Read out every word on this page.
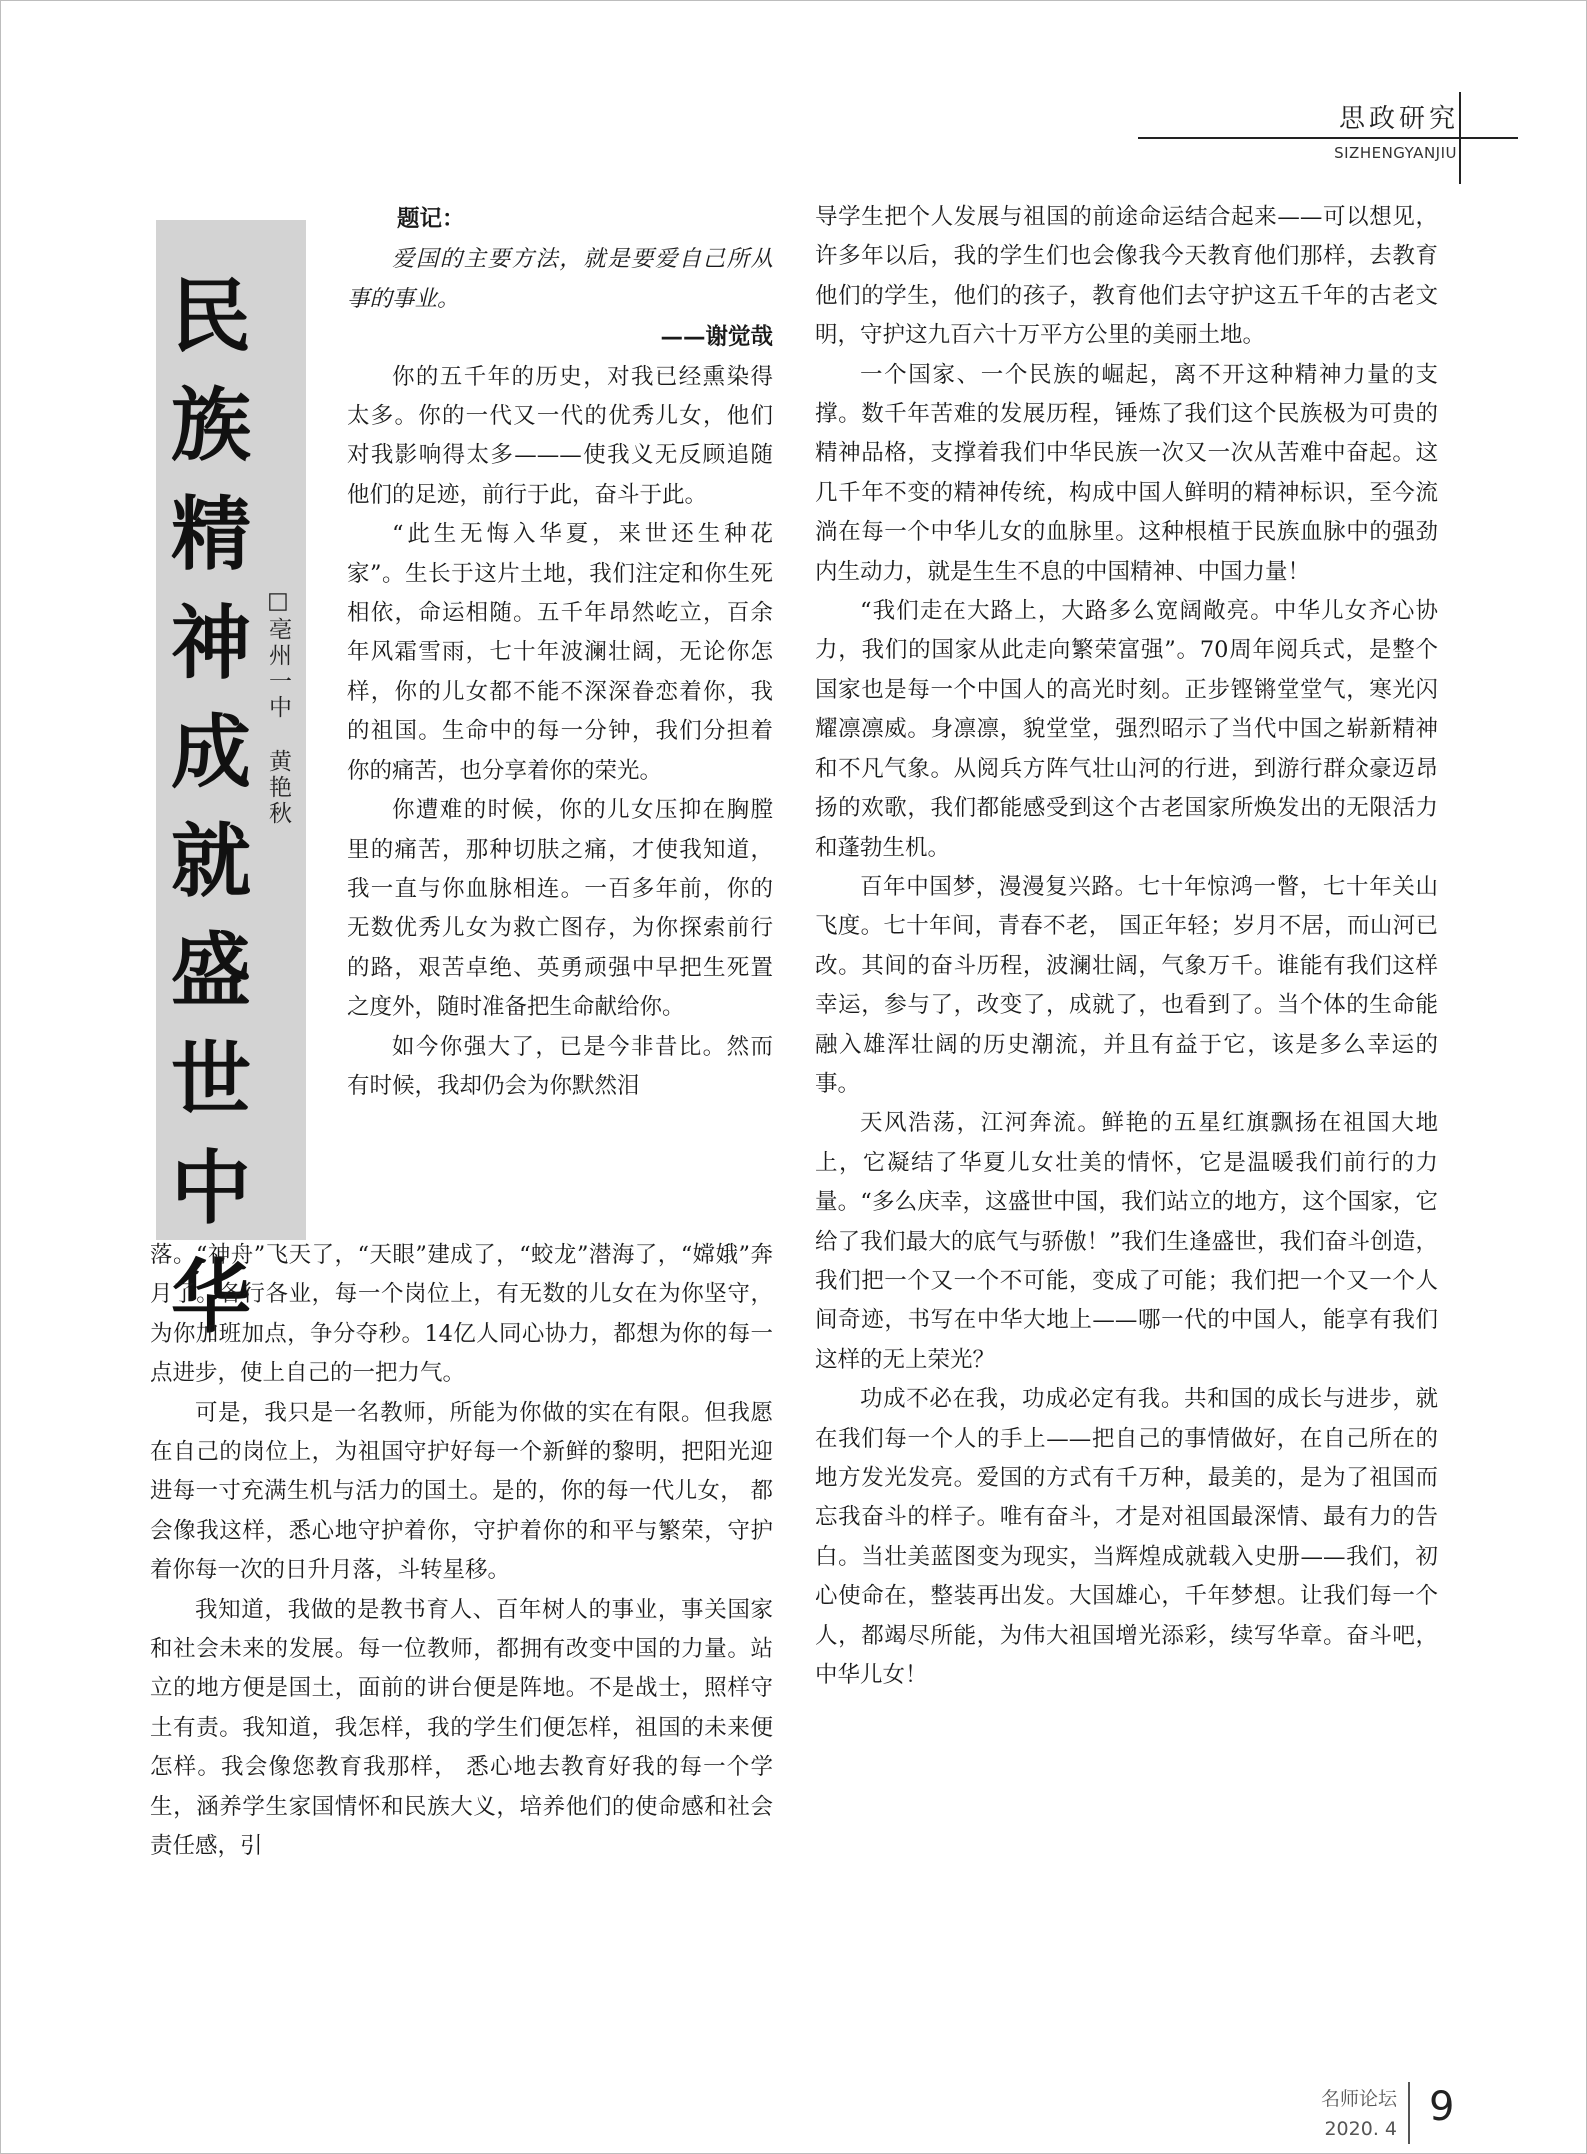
思政研究
SIZHENGYANJIU
民
族
精
神
成
就
盛
世
中
华
□亳州一中 黄艳秋

题记：

爱国的主要方法，就是要爱自己所从事的事业。

——谢觉哉

你的五千年的历史，对我已经熏染得太多。你的一代又一代的优秀儿女，他们对我影响得太多———使我义无反顾追随他们的足迹，前行于此，奋斗于此。

“此生无悔入华夏，来世还生种花家”。生长于这片土地，我们注定和你生死相依，命运相随。五千年昂然屹立，百余年风霜雪雨，七十年波澜壮阔，无论你怎样，你的儿女都不能不深深眷恋着你，我的祖国。生命中的每一分钟，我们分担着你的痛苦，也分享着你的荣光。

你遭难的时候，你的儿女压抑在胸膛里的痛苦，那种切肤之痛，才使我知道，我一直与你血脉相连。一百多年前，你的无数优秀儿女为救亡图存，为你探索前行的路，艰苦卓绝、英勇顽强中早把生死置之度外，随时准备把生命献给你。

如今你强大了，已是今非昔比。然而有时候，我却仍会为你默然泪

落。“神舟”飞天了，“天眼”建成了，“蛟龙”潜海了，“嫦娥”奔月了。各行各业，每一个岗位上，有无数的儿女在为你坚守，为你加班加点，争分夺秒。14亿人同心协力，都想为你的每一点进步，使上自己的一把力气。

可是，我只是一名教师，所能为你做的实在有限。但我愿在自己的岗位上，为祖国守护好每一个新鲜的黎明，把阳光迎进每一寸充满生机与活力的国土。是的，你的每一代儿女， 都会像我这样，悉心地守护着你，守护着你的和平与繁荣，守护着你每一次的日升月落，斗转星移。

我知道，我做的是教书育人、百年树人的事业，事关国家和社会未来的发展。每一位教师，都拥有改变中国的力量。站立的地方便是国土，面前的讲台便是阵地。不是战士，照样守土有责。我知道，我怎样，我的学生们便怎样，祖国的未来便怎样。我会像您教育我那样， 悉心地去教育好我的每一个学生，涵养学生家国情怀和民族大义，培养他们的使命感和社会责任感，引

导学生把个人发展与祖国的前途命运结合起来——可以想见，许多年以后，我的学生们也会像我今天教育他们那样，去教育他们的学生，他们的孩子，教育他们去守护这五千年的古老文明，守护这九百六十万平方公里的美丽土地。

一个国家、一个民族的崛起，离不开这种精神力量的支撑。数千年苦难的发展历程，锤炼了我们这个民族极为可贵的精神品格，支撑着我们中华民族一次又一次从苦难中奋起。这几千年不变的精神传统，构成中国人鲜明的精神标识，至今流淌在每一个中华儿女的血脉里。这种根植于民族血脉中的强劲内生动力，就是生生不息的中国精神、中国力量！

“我们走在大路上，大路多么宽阔敞亮。中华儿女齐心协力，我们的国家从此走向繁荣富强”。70周年阅兵式，是整个国家也是每一个中国人的高光时刻。正步铿锵堂堂气，寒光闪耀凛凛威。身凛凛，貌堂堂，强烈昭示了当代中国之崭新精神和不凡气象。从阅兵方阵气壮山河的行进，到游行群众豪迈昂扬的欢歌，我们都能感受到这个古老国家所焕发出的无限活力和蓬勃生机。

百年中国梦，漫漫复兴路。七十年惊鸿一瞥，七十年关山飞度。七十年间，青春不老， 国正年轻；岁月不居，而山河已改。其间的奋斗历程，波澜壮阔，气象万千。谁能有我们这样幸运，参与了，改变了，成就了，也看到了。当个体的生命能融入雄浑壮阔的历史潮流，并且有益于它，该是多么幸运的事。

天风浩荡，江河奔流。鲜艳的五星红旗飘扬在祖国大地上，它凝结了华夏儿女壮美的情怀，它是温暖我们前行的力量。“多么庆幸，这盛世中国，我们站立的地方，这个国家，它给了我们最大的底气与骄傲！”我们生逢盛世，我们奋斗创造，我们把一个又一个不可能，变成了可能；我们把一个又一个人间奇迹，书写在中华大地上——哪一代的中国人，能享有我们这样的无上荣光？

功成不必在我，功成必定有我。共和国的成长与进步，就在我们每一个人的手上——把自己的事情做好，在自己所在的地方发光发亮。爱国的方式有千万种，最美的，是为了祖国而忘我奋斗的样子。唯有奋斗，才是对祖国最深情、最有力的告白。当壮美蓝图变为现实，当辉煌成就载入史册——我们，初心使命在，整装再出发。大国雄心，千年梦想。让我们每一个人，都竭尽所能，为伟大祖国增光添彩，续写华章。奋斗吧，中华儿女！

名师论坛
2020. 4 9
